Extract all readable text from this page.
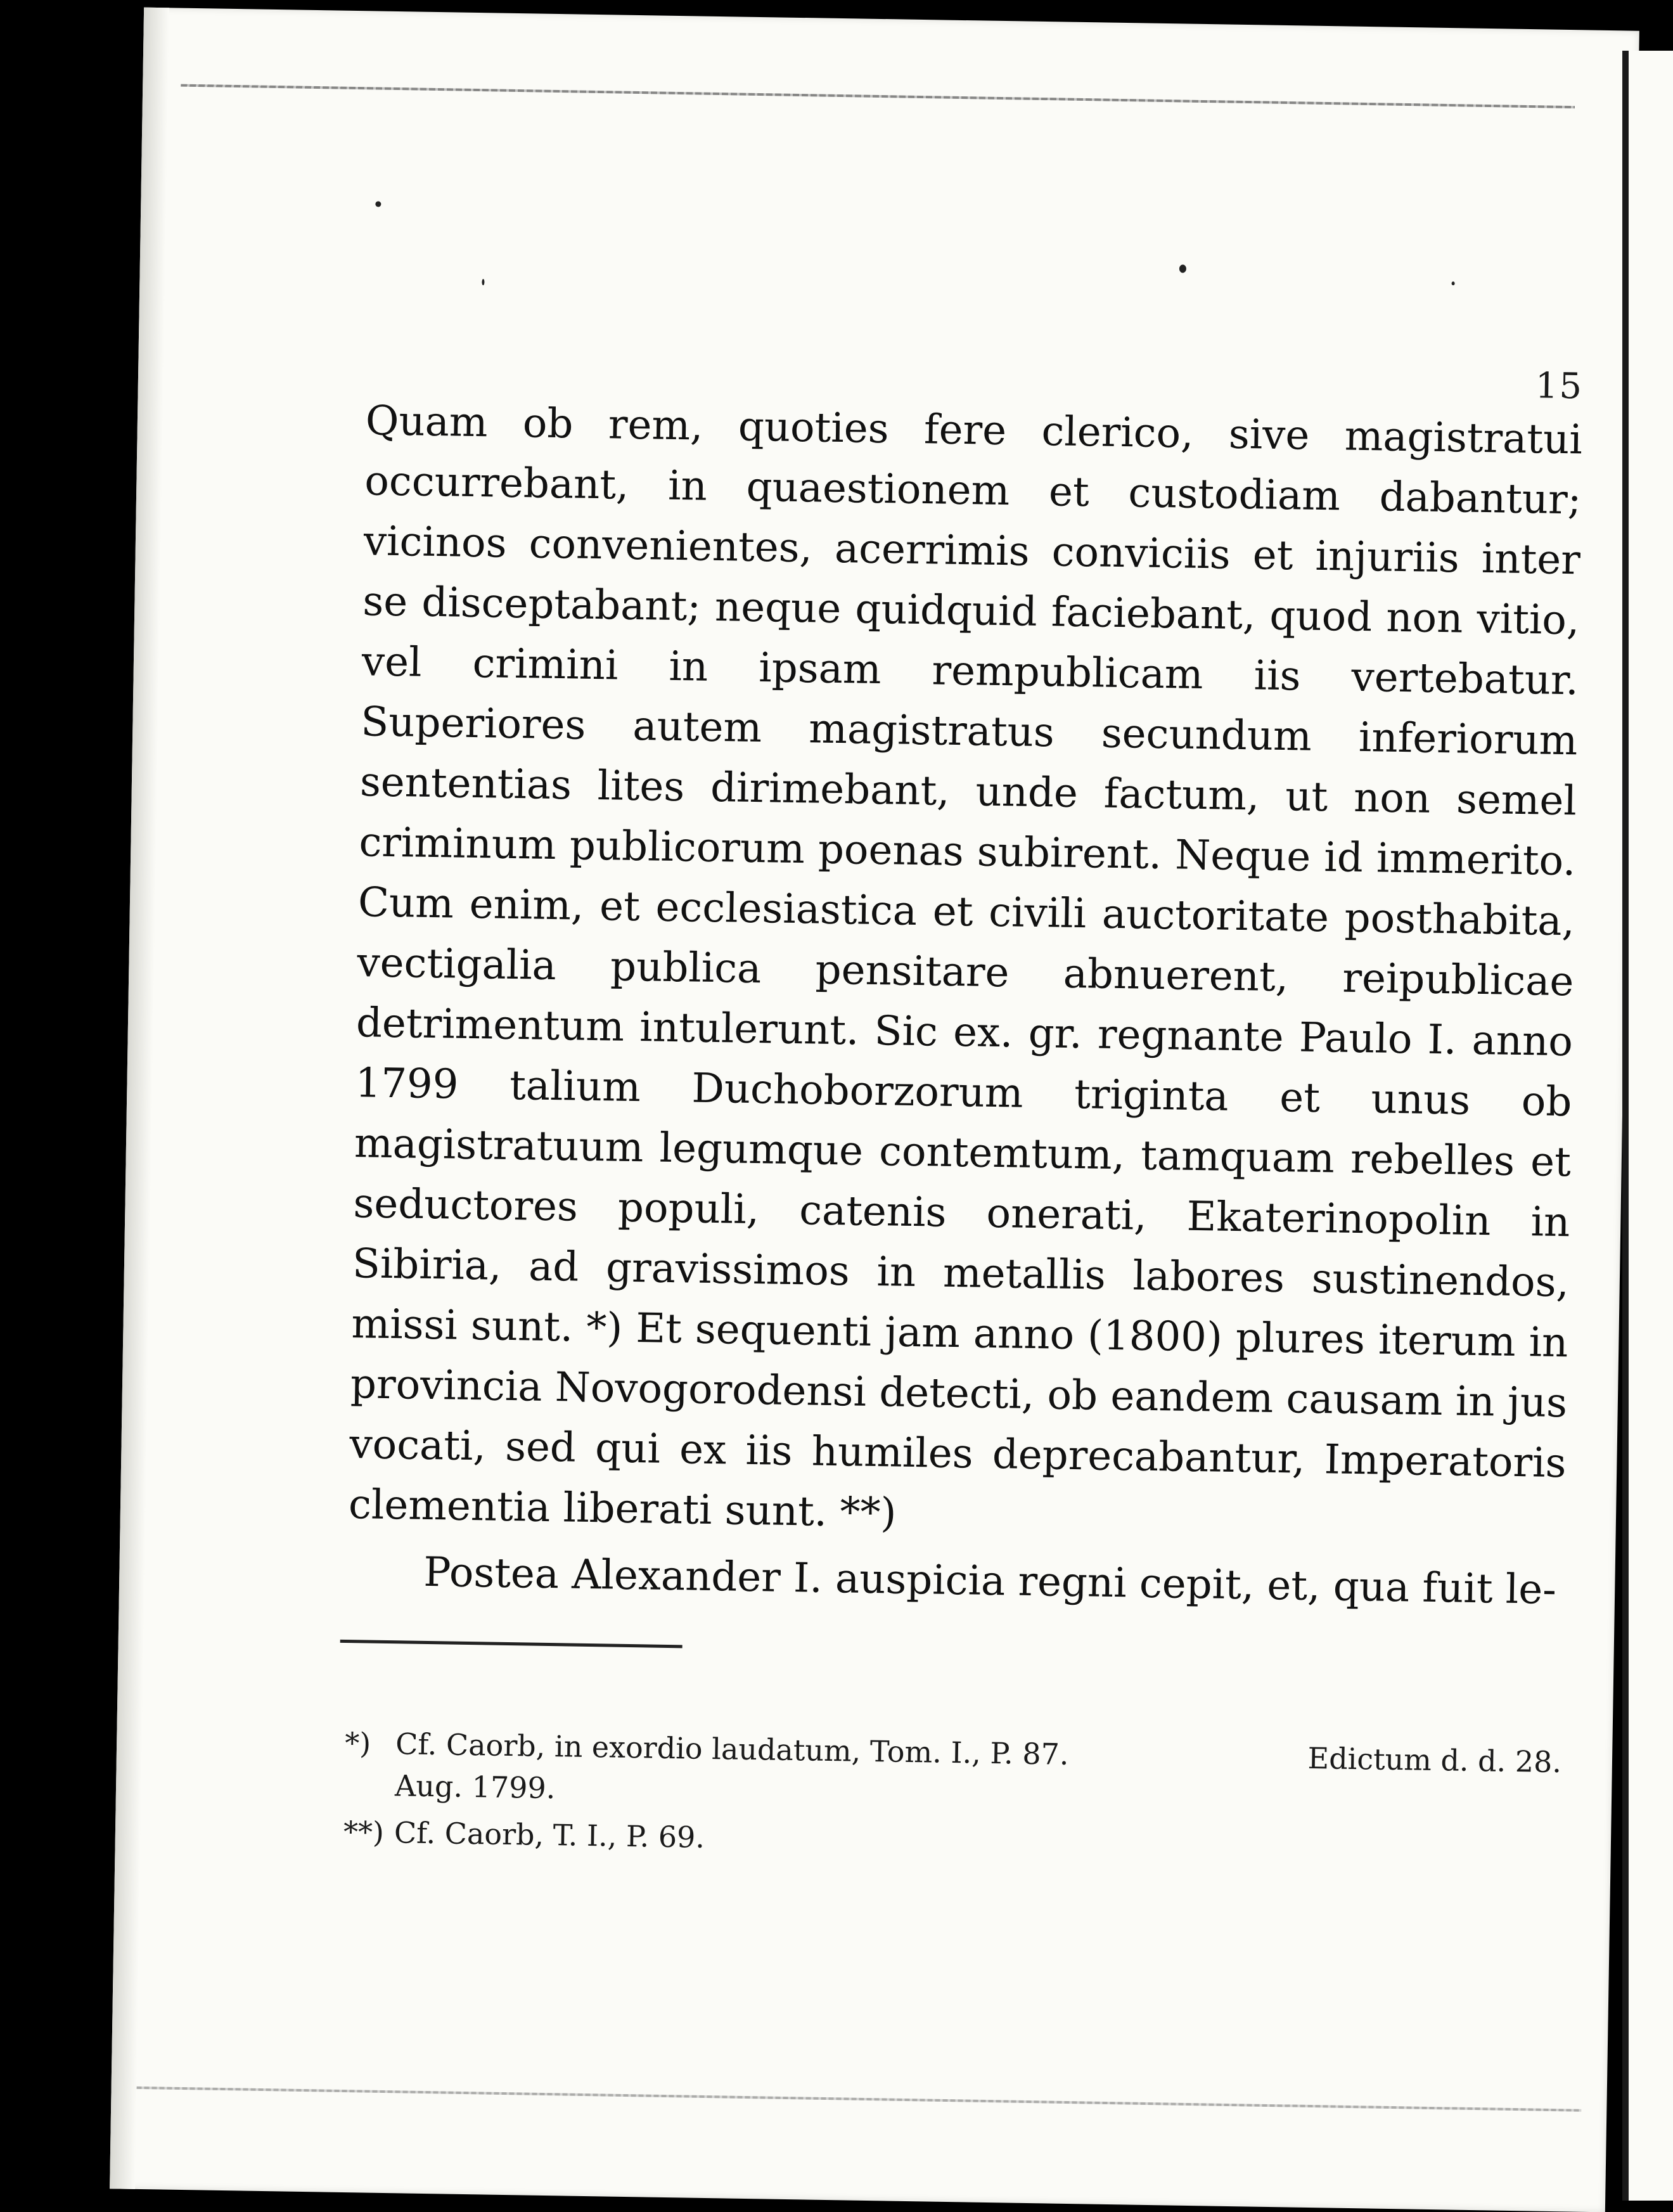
15

Quam ob rem, quoties fere clerico, sive magistratui occurrebant, in quaestionem et custodiam dabantur; vicinos convenientes, acerrimis conviciis et injuriis inter se disceptabant; neque quidquid faciebant, quod non vitio, vel crimini in ipsam rempublicam iis vertebatur. Superiores autem magistratus secundum inferiorum sententias lites dirimebant, unde factum, ut non semel criminum publicorum poenas subirent. Neque id immerito. Cum enim, et ecclesiastica et civili auctoritate posthabita, vectigalia publica pensitare abnuerent, reipublicae detrimentum intulerunt. Sic ex. gr. regnante Paulo I. anno 1799 talium Duchoborzorum triginta et unus ob magistratuum legumque contemtum, tamquam rebelles et seductores populi, catenis onerati, Ekaterinopolin in Sibiria, ad gravissimos in metallis labores sustinendos, missi sunt. *) Et sequenti jam anno (1800) plures iterum in provincia Novogorodensi detecti, ob eandem causam in jus vocati, sed qui ex iis humiles deprecabantur, Imperatoris clementia liberati sunt. **)

Postea Alexander I. auspicia regni cepit, et, qua fuit le-

*)	Edictum d. d. 28.
Cf. Caorb, in exordio laudatum, Tom. I., P. 87.
Aug. 1799.
**) Cf. Caorb, T. I., P. 69.
